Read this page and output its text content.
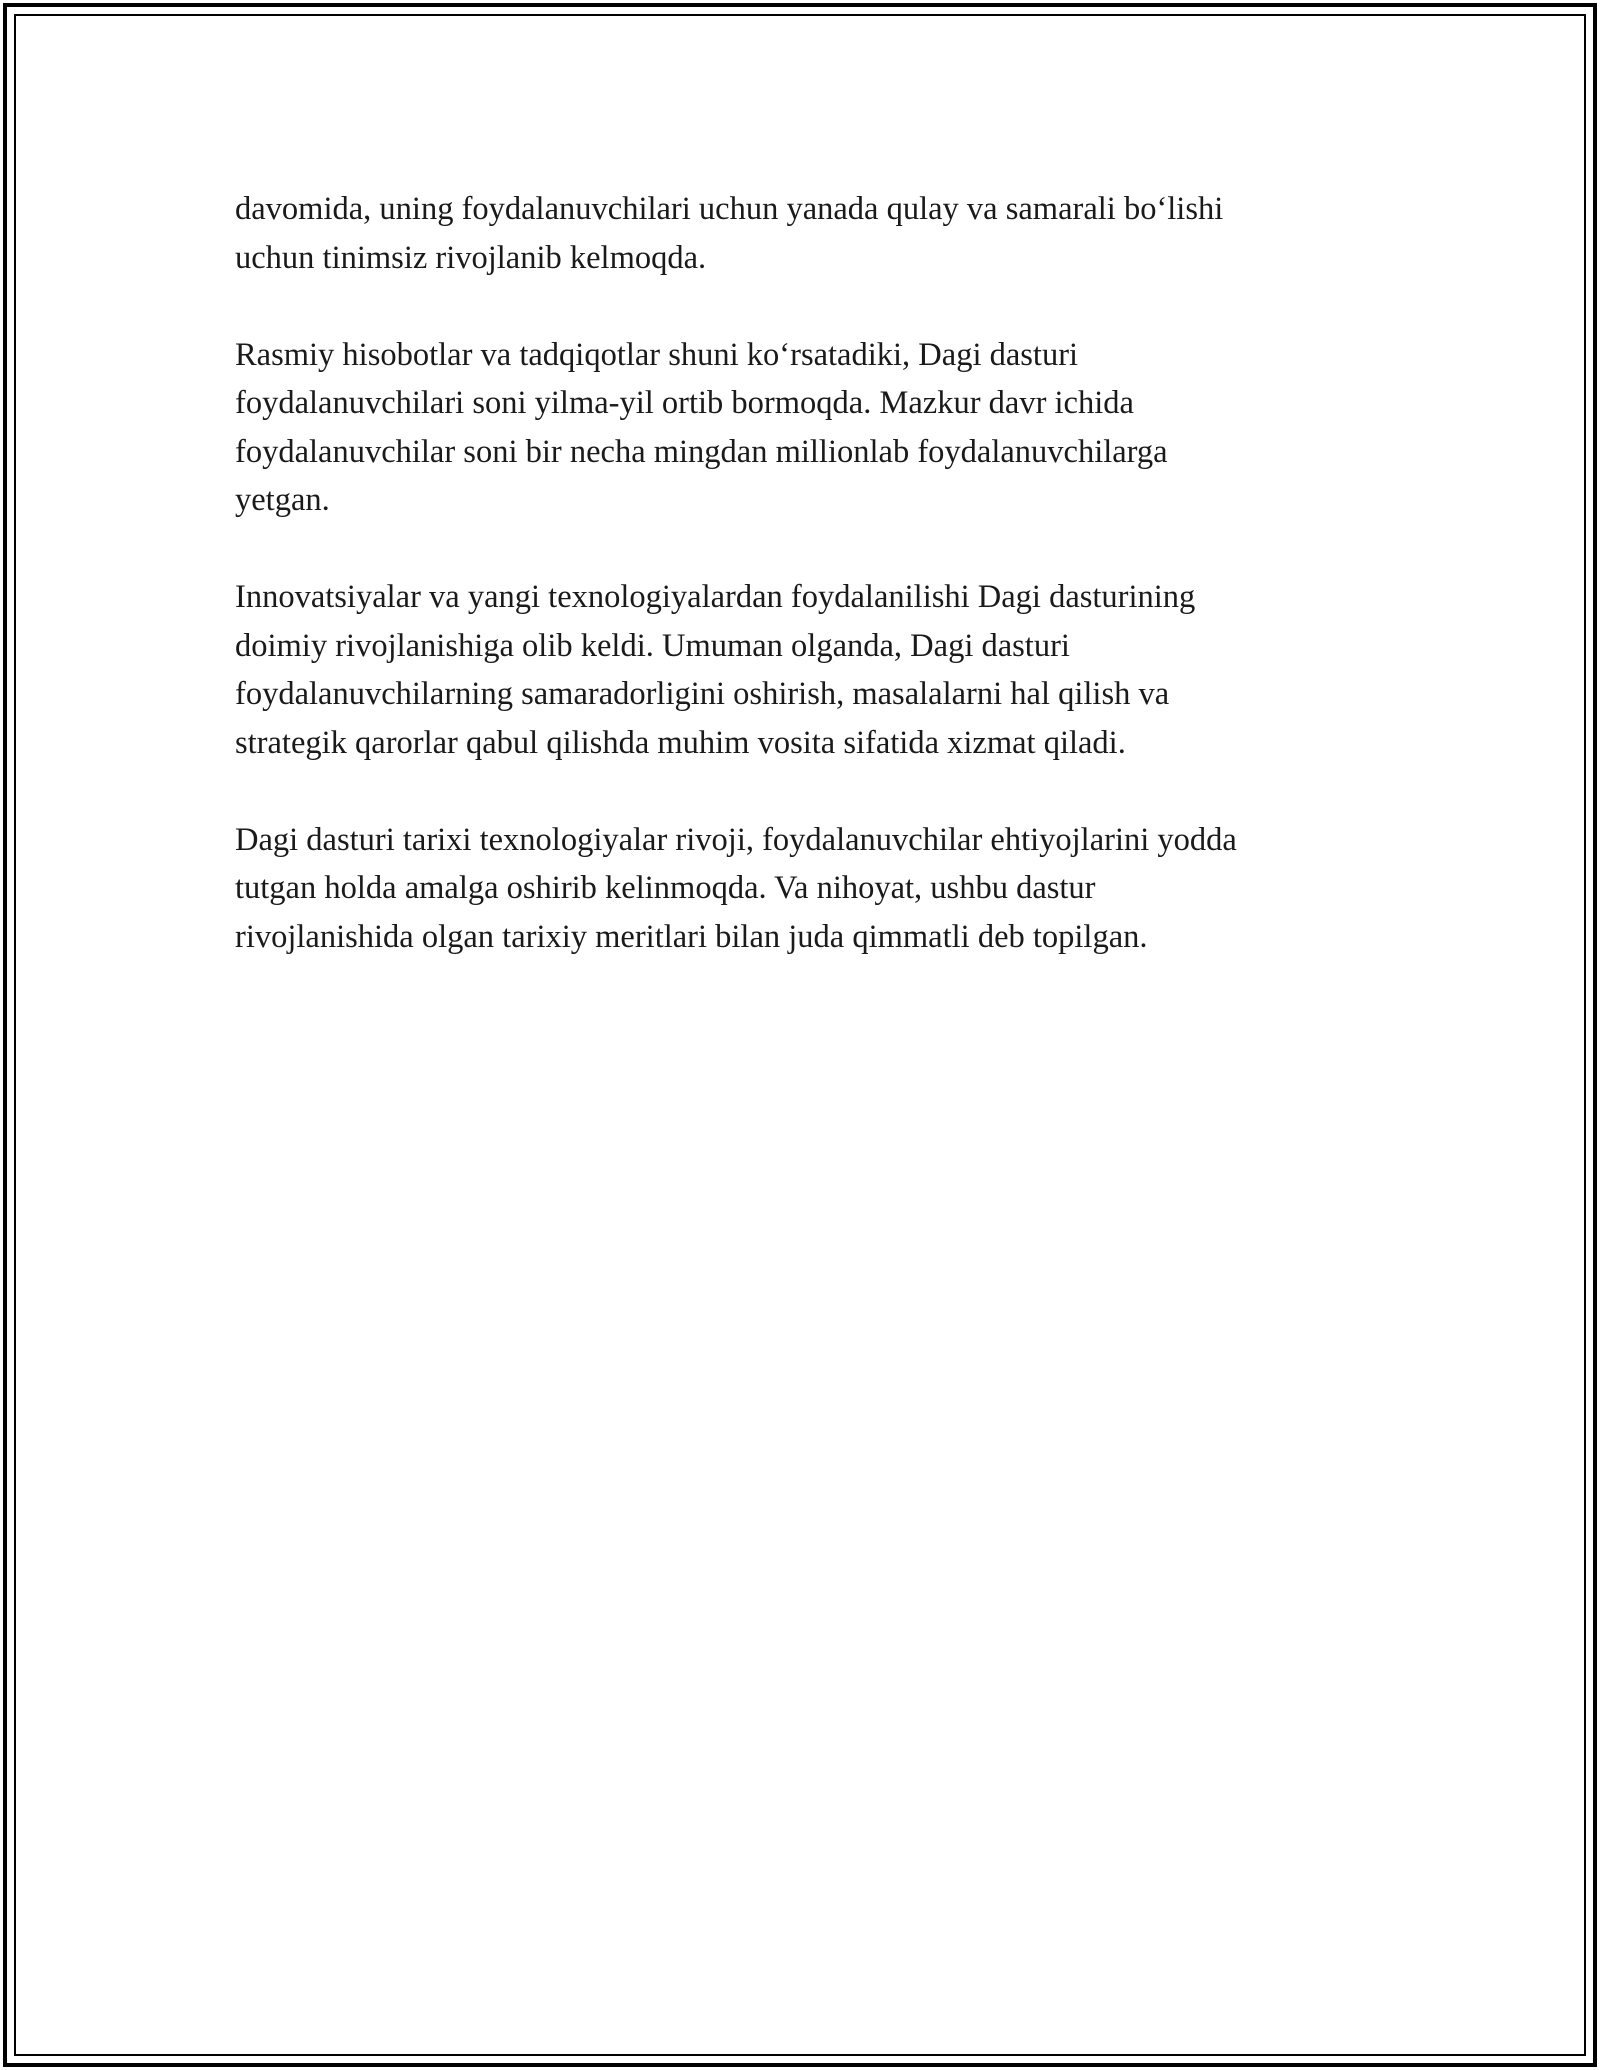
davomida, uning foydalanuvchilari uchun yanada qulay va samarali bo‘lishi
uchun tinimsiz rivojlanib kelmoqda.

Rasmiy hisobotlar va tadqiqotlar shuni ko‘rsatadiki, Dagi dasturi
foydalanuvchilari soni yilma-yil ortib bormoqda. Mazkur davr ichida
foydalanuvchilar soni bir necha mingdan millionlab foydalanuvchilarga
yetgan.

Innovatsiyalar va yangi texnologiyalardan foydalanilishi Dagi dasturining
doimiy rivojlanishiga olib keldi. Umuman olganda, Dagi dasturi
foydalanuvchilarning samaradorligini oshirish, masalalarni hal qilish va
strategik qarorlar qabul qilishda muhim vosita sifatida xizmat qiladi.

Dagi dasturi tarixi texnologiyalar rivoji, foydalanuvchilar ehtiyojlarini yodda
tutgan holda amalga oshirib kelinmoqda. Va nihoyat, ushbu dastur
rivojlanishida olgan tarixiy meritlari bilan juda qimmatli deb topilgan.
